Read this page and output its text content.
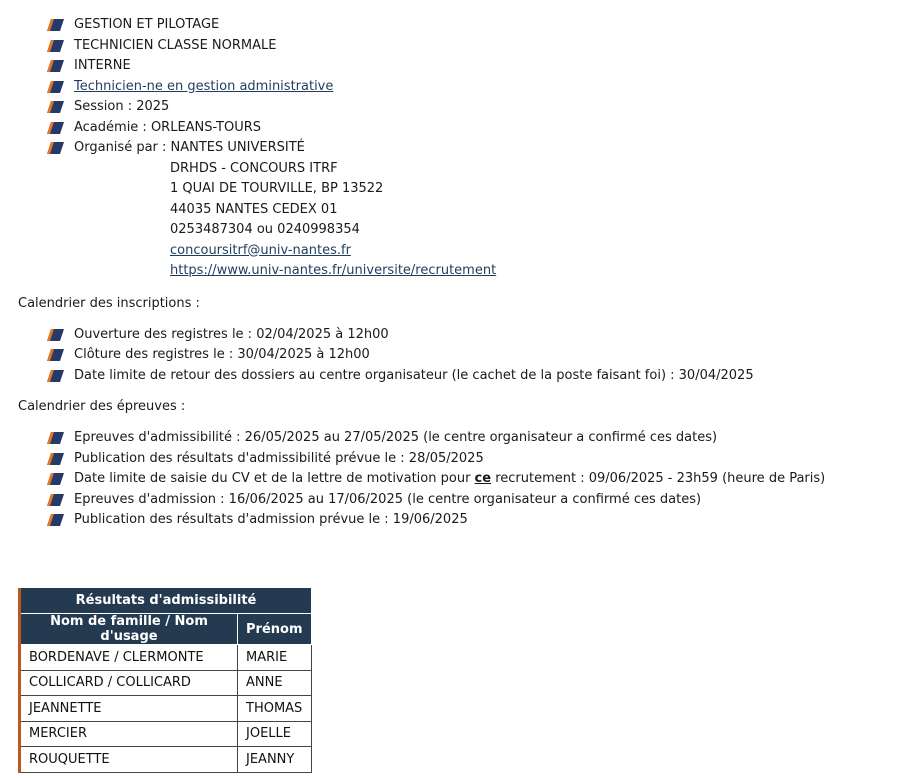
GESTION ET PILOTAGE
TECHNICIEN CLASSE NORMALE
INTERNE
Technicien-ne en gestion administrative
Session : 2025
Académie : ORLEANS-TOURS
Organisé par : NANTES UNIVERSITÉ
DRHDS - CONCOURS ITRF
1 QUAI DE TOURVILLE, BP 13522
44035 NANTES CEDEX 01
0253487304 ou 0240998354
concoursitrf@univ-nantes.fr
https://www.univ-nantes.fr/universite/recrutement
Calendrier des inscriptions :
Ouverture des registres le : 02/04/2025 à 12h00
Clôture des registres le : 30/04/2025 à 12h00
Date limite de retour des dossiers au centre organisateur (le cachet de la poste faisant foi) : 30/04/2025
Calendrier des épreuves :
Epreuves d'admissibilité : 26/05/2025 au 27/05/2025 (le centre organisateur a confirmé ces dates)
Publication des résultats d'admissibilité prévue le : 28/05/2025
Date limite de saisie du CV et de la lettre de motivation pour ce recrutement : 09/06/2025 - 23h59 (heure de Paris)
Epreuves d'admission : 16/06/2025 au 17/06/2025 (le centre organisateur a confirmé ces dates)
Publication des résultats d'admission prévue le : 19/06/2025
Résultats d'admissibilité	
Nom de famille / Nom d'usage	Prénom
BORDENAVE / CLERMONTE	MARIE
COLLICARD / COLLICARD	ANNE
JEANNETTE	THOMAS
MERCIER	JOELLE
ROUQUETTE	JEANNY
